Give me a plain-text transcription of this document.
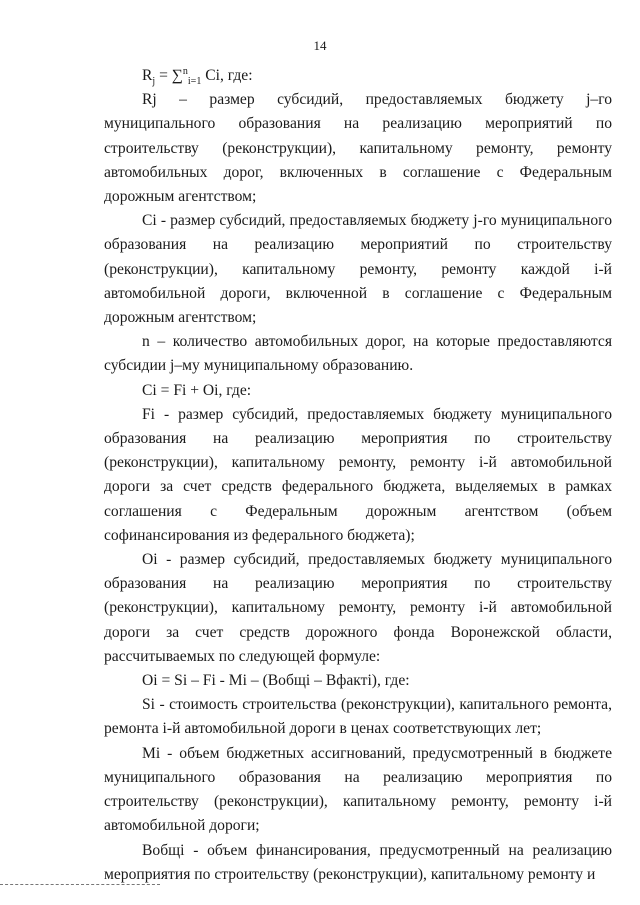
14

$R_j = \sum^n_{i=1}$ Ci, где:

Rj – размер субсидий, предоставляемых бюджету j–го муниципального образования на реализацию мероприятий по строительству (реконструкции), капитальному ремонту, ремонту автомобильных дорог, включенных в соглашение с Федеральным дорожным агентством;

Ci - размер субсидий, предоставляемых бюджету j-го муниципального образования на реализацию мероприятий по строительству (реконструкции), капитальному ремонту, ремонту каждой i-й автомобильной дороги, включенной в соглашение с Федеральным дорожным агентством;

n – количество автомобильных дорог, на которые предоставляются субсидии j–му муниципальному образованию.

Ci = Fi + Oi, где:

Fi - размер субсидий, предоставляемых бюджету муниципального образования на реализацию мероприятия по строительству (реконструкции), капитальному ремонту, ремонту i-й автомобильной дороги за счет средств федерального бюджета, выделяемых в рамках соглашения с Федеральным дорожным агентством (объем софинансирования из федерального бюджета);

Oi - размер субсидий, предоставляемых бюджету муниципального образования на реализацию мероприятия по строительству (реконструкции), капитальному ремонту, ремонту i-й автомобильной дороги за счет средств дорожного фонда Воронежской области, рассчитываемых по следующей формуле:

Oi = Si – Fi - Mi – (Вобщi – Вфактi), где:

Si - стоимость строительства (реконструкции), капитального ремонта, ремонта i-й автомобильной дороги в ценах соответствующих лет;

Mi - объем бюджетных ассигнований, предусмотренный в бюджете муниципального образования на реализацию мероприятия по строительству (реконструкции), капитальному ремонту, ремонту i-й автомобильной дороги;

Вобщi - объем финансирования, предусмотренный на реализацию мероприятия по строительству (реконструкции), капитальному ремонту и
